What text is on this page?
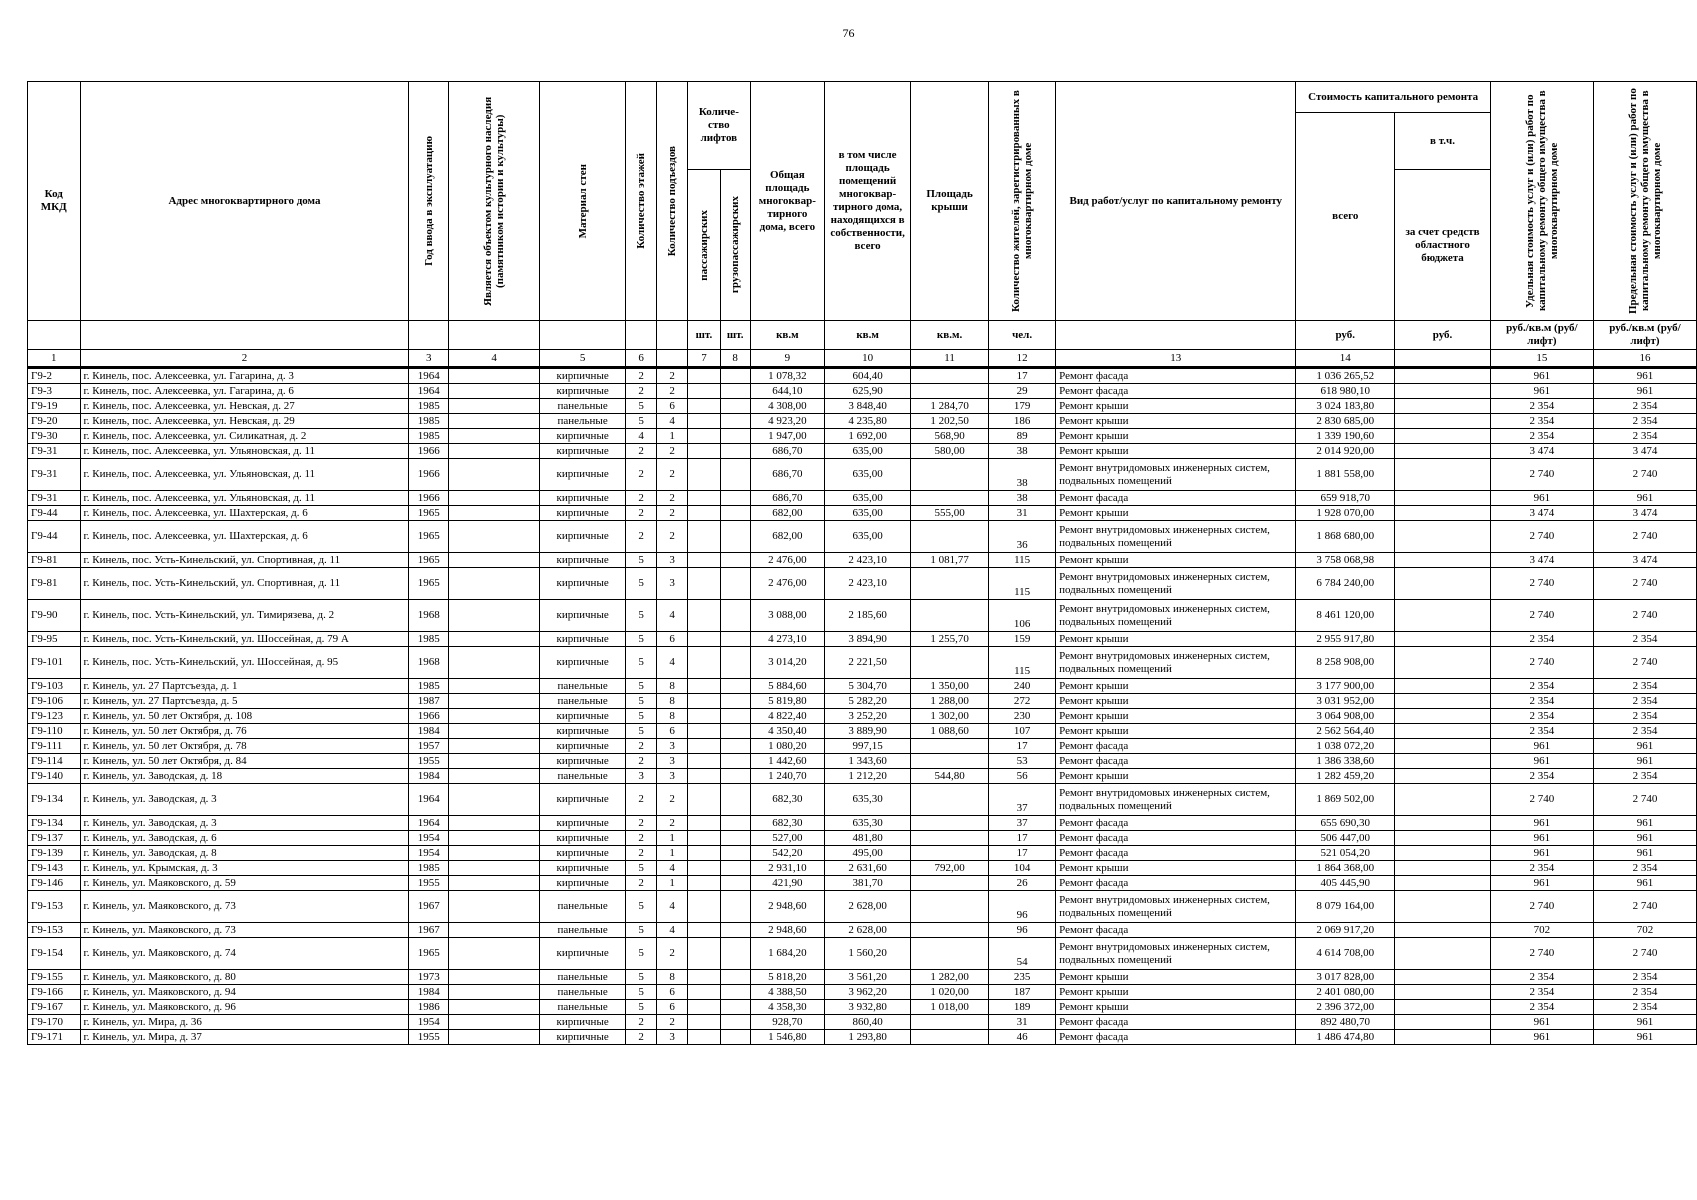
76
Код МКД	Адрес многоквартирного дома	Год ввода в эксплуатацию	Является объектом культурного наследия (памятником истории и культуры)	Материал стен	Количество этажей	Количество подъездов	Количе-ство лифтов		Общая площадь многоквар-тирного дома, всего	в том числе площадь помещений многоквар-тирного дома, находящихся в собственности, всего	Площадь крыши	Количество жителей, зарегистрированных в многоквартирном доме	Вид работ/услуг по капитальному ремонту	Стоимость капитального ремонта		Удельная стоимость услуг и (или) работ по капитальному ремонту общего имущества в многоквартирном доме	Предельная стоимость услуг и (или) работ по капитальному ремонту общего имущества в многоквартирном доме

														всего	в т.ч.		

							пассажирских	грузопассажирских							за счет средств областного бюджета		
							шт.	шт.	кв.м	кв.м	кв.м.	чел.		руб.	руб.	руб./кв.м (руб/лифт)	руб./кв.м (руб/лифт)
1	2	3	4	5	6		7	8	9	10	11	12	13	14		15	16
Г9-2	г. Кинель, пос. Алексеевка, ул. Гагарина, д. 3	1964		кирпичные	2	2			1 078,32	604,40		17	Ремонт фасада	1 036 265,52		961	961
Г9-3	г. Кинель, пос. Алексеевка, ул. Гагарина, д. 6	1964		кирпичные	2	2			644,10	625,90		29	Ремонт фасада	618 980,10		961	961
Г9-19	г. Кинель, пос. Алексеевка, ул. Невская, д. 27	1985		панельные	5	6			4 308,00	3 848,40	1 284,70	179	Ремонт крыши	3 024 183,80		2 354	2 354
Г9-20	г. Кинель, пос. Алексеевка, ул. Невская, д. 29	1985		панельные	5	4			4 923,20	4 235,80	1 202,50	186	Ремонт крыши	2 830 685,00		2 354	2 354
Г9-30	г. Кинель, пос. Алексеевка, ул. Силикатная, д. 2	1985		кирпичные	4	1			1 947,00	1 692,00	568,90	89	Ремонт крыши	1 339 190,60		2 354	2 354
Г9-31	г. Кинель, пос. Алексеевка, ул. Ульяновская, д. 11	1966		кирпичные	2	2			686,70	635,00	580,00	38	Ремонт крыши	2 014 920,00		3 474	3 474
Г9-31	г. Кинель, пос. Алексеевка, ул. Ульяновская, д. 11	1966		кирпичные	2	2			686,70	635,00		38	Ремонт внутридомовых инженерных систем, подвальных помещений	1 881 558,00		2 740	2 740
Г9-31	г. Кинель, пос. Алексеевка, ул. Ульяновская, д. 11	1966		кирпичные	2	2			686,70	635,00		38	Ремонт фасада	659 918,70		961	961
Г9-44	г. Кинель, пос. Алексеевка, ул. Шахтерская, д. 6	1965		кирпичные	2	2			682,00	635,00	555,00	31	Ремонт крыши	1 928 070,00		3 474	3 474
Г9-44	г. Кинель, пос. Алексеевка, ул. Шахтерская, д. 6	1965		кирпичные	2	2			682,00	635,00		36	Ремонт внутридомовых инженерных систем, подвальных помещений	1 868 680,00		2 740	2 740
Г9-81	г. Кинель, пос. Усть-Кинельский, ул. Спортивная, д. 11	1965		кирпичные	5	3			2 476,00	2 423,10	1 081,77	115	Ремонт крыши	3 758 068,98		3 474	3 474
Г9-81	г. Кинель, пос. Усть-Кинельский, ул. Спортивная, д. 11	1965		кирпичные	5	3			2 476,00	2 423,10		115	Ремонт внутридомовых инженерных систем, подвальных помещений	6 784 240,00		2 740	2 740
Г9-90	г. Кинель, пос. Усть-Кинельский, ул. Тимирязева, д. 2	1968		кирпичные	5	4			3 088,00	2 185,60		106	Ремонт внутридомовых инженерных систем, подвальных помещений	8 461 120,00		2 740	2 740
Г9-95	г. Кинель, пос. Усть-Кинельский, ул. Шоссейная, д. 79 А	1985		кирпичные	5	6			4 273,10	3 894,90	1 255,70	159	Ремонт крыши	2 955 917,80		2 354	2 354
Г9-101	г. Кинель, пос. Усть-Кинельский, ул. Шоссейная, д. 95	1968		кирпичные	5	4			3 014,20	2 221,50		115	Ремонт внутридомовых инженерных систем, подвальных помещений	8 258 908,00		2 740	2 740
Г9-103	г. Кинель, ул. 27 Партсъезда, д. 1	1985		панельные	5	8			5 884,60	5 304,70	1 350,00	240	Ремонт крыши	3 177 900,00		2 354	2 354
Г9-106	г. Кинель, ул. 27 Партсъезда, д. 5	1987		панельные	5	8			5 819,80	5 282,20	1 288,00	272	Ремонт крыши	3 031 952,00		2 354	2 354
Г9-123	г. Кинель, ул. 50 лет Октября, д. 108	1966		кирпичные	5	8			4 822,40	3 252,20	1 302,00	230	Ремонт крыши	3 064 908,00		2 354	2 354
Г9-110	г. Кинель, ул. 50 лет Октября, д. 76	1984		кирпичные	5	6			4 350,40	3 889,90	1 088,60	107	Ремонт крыши	2 562 564,40		2 354	2 354
Г9-111	г. Кинель, ул. 50 лет Октября, д. 78	1957		кирпичные	2	3			1 080,20	997,15		17	Ремонт фасада	1 038 072,20		961	961
Г9-114	г. Кинель, ул. 50 лет Октября, д. 84	1955		кирпичные	2	3			1 442,60	1 343,60		53	Ремонт фасада	1 386 338,60		961	961
Г9-140	г. Кинель, ул. Заводская, д. 18	1984		панельные	3	3			1 240,70	1 212,20	544,80	56	Ремонт крыши	1 282 459,20		2 354	2 354
Г9-134	г. Кинель, ул. Заводская, д. 3	1964		кирпичные	2	2			682,30	635,30		37	Ремонт внутридомовых инженерных систем, подвальных помещений	1 869 502,00		2 740	2 740
Г9-134	г. Кинель, ул. Заводская, д. 3	1964		кирпичные	2	2			682,30	635,30		37	Ремонт фасада	655 690,30		961	961
Г9-137	г. Кинель, ул. Заводская, д. 6	1954		кирпичные	2	1			527,00	481,80		17	Ремонт фасада	506 447,00		961	961
Г9-139	г. Кинель, ул. Заводская, д. 8	1954		кирпичные	2	1			542,20	495,00		17	Ремонт фасада	521 054,20		961	961
Г9-143	г. Кинель, ул. Крымская, д. 3	1985		кирпичные	5	4			2 931,10	2 631,60	792,00	104	Ремонт крыши	1 864 368,00		2 354	2 354
Г9-146	г. Кинель, ул. Маяковского, д. 59	1955		кирпичные	2	1			421,90	381,70		26	Ремонт фасада	405 445,90		961	961
Г9-153	г. Кинель, ул. Маяковского, д. 73	1967		панельные	5	4			2 948,60	2 628,00		96	Ремонт внутридомовых инженерных систем, подвальных помещений	8 079 164,00		2 740	2 740
Г9-153	г. Кинель, ул. Маяковского, д. 73	1967		панельные	5	4			2 948,60	2 628,00		96	Ремонт фасада	2 069 917,20		702	702
Г9-154	г. Кинель, ул. Маяковского, д. 74	1965		кирпичные	5	2			1 684,20	1 560,20		54	Ремонт внутридомовых инженерных систем, подвальных помещений	4 614 708,00		2 740	2 740
Г9-155	г. Кинель, ул. Маяковского, д. 80	1973		панельные	5	8			5 818,20	3 561,20	1 282,00	235	Ремонт крыши	3 017 828,00		2 354	2 354
Г9-166	г. Кинель, ул. Маяковского, д. 94	1984		панельные	5	6			4 388,50	3 962,20	1 020,00	187	Ремонт крыши	2 401 080,00		2 354	2 354
Г9-167	г. Кинель, ул. Маяковского, д. 96	1986		панельные	5	6			4 358,30	3 932,80	1 018,00	189	Ремонт крыши	2 396 372,00		2 354	2 354
Г9-170	г. Кинель, ул. Мира, д. 36	1954		кирпичные	2	2			928,70	860,40		31	Ремонт фасада	892 480,70		961	961
Г9-171	г. Кинель, ул. Мира, д. 37	1955		кирпичные	2	3			1 546,80	1 293,80		46	Ремонт фасада	1 486 474,80		961	961
